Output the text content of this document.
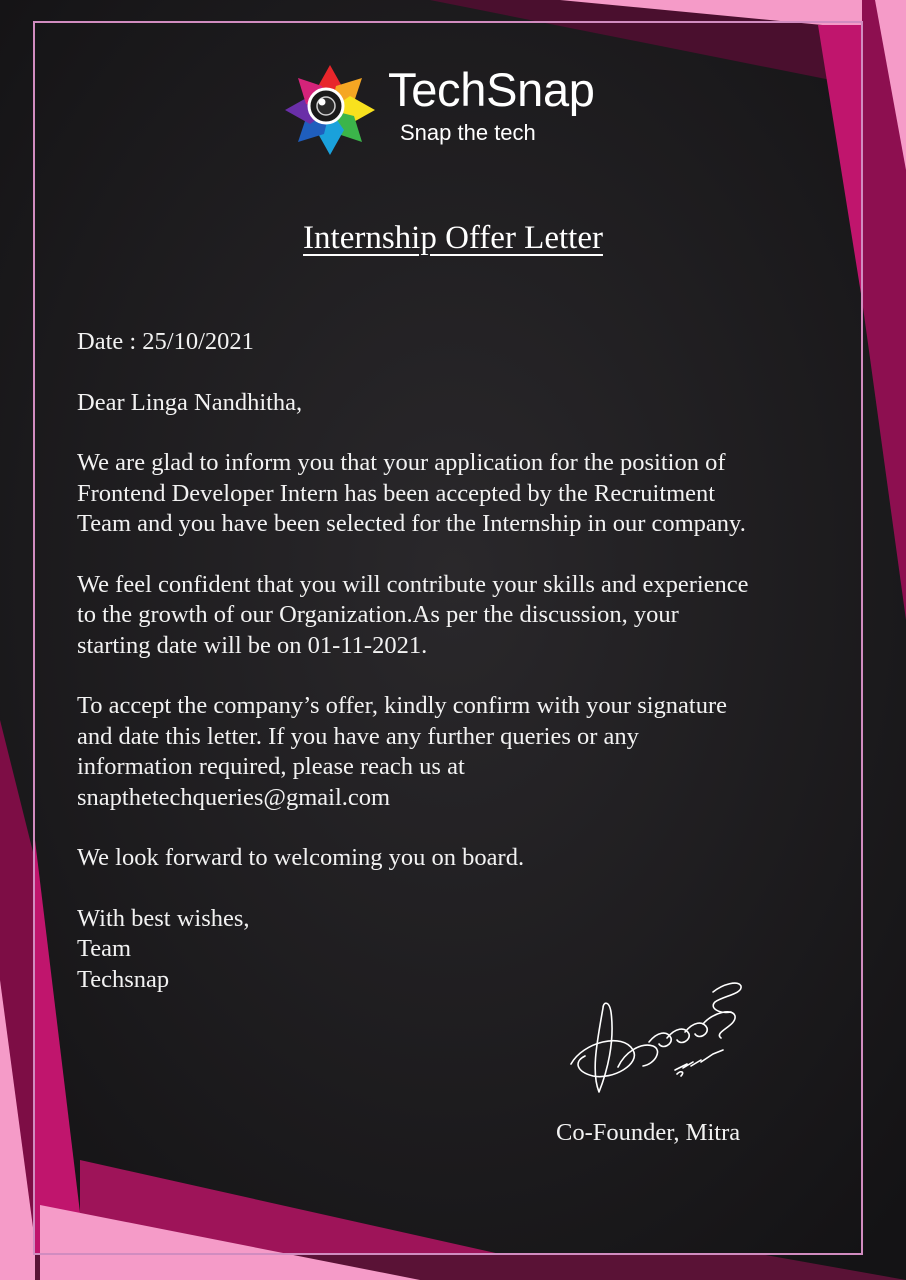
TechSnap
Snap the tech
Internship Offer Letter

Date : 25/10/2021

Dear Linga Nandhitha,

We are glad to inform you that your application for the position of

Frontend Developer Intern has been accepted by the Recruitment

Team and you have been selected for the Internship in our company.

We feel confident that you will contribute your skills and experience

to the growth of our Organization.As per the discussion, your

starting date will be on 01-11-2021.

To accept the company’s offer, kindly confirm with your signature

and date this letter. If you have any further queries or any

information required, please reach us at

snapthetechqueries@gmail.com

We look forward to welcoming you on board.

With best wishes,

Team

Techsnap

Co-Founder, Mitra
